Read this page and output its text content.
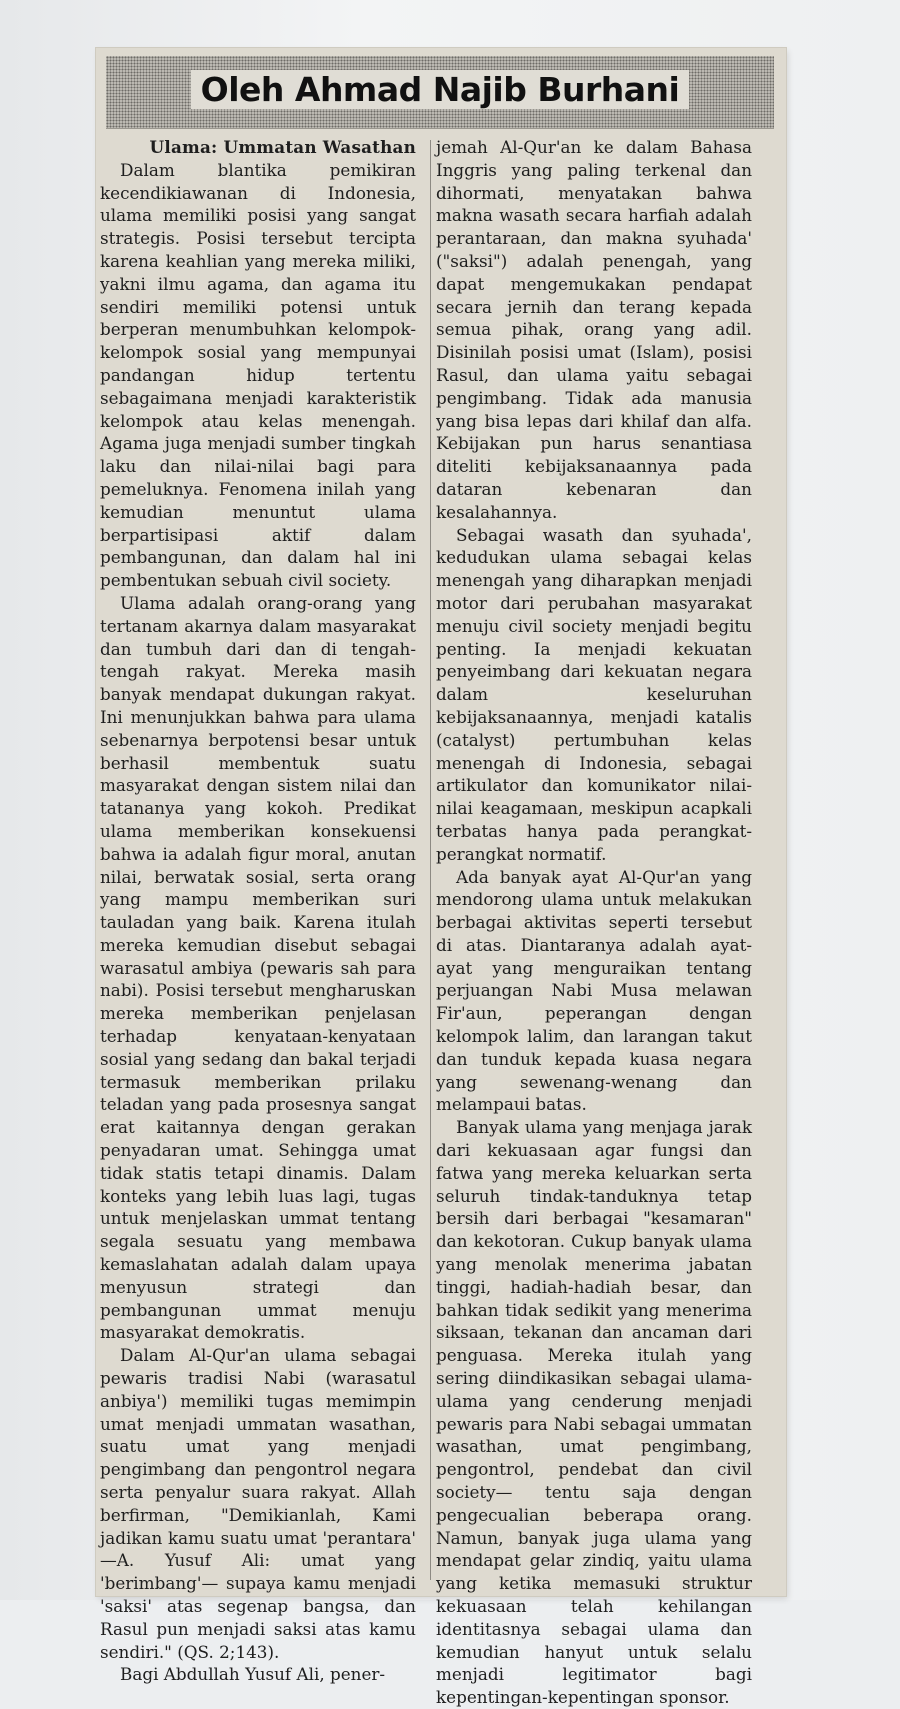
Oleh Ahmad Najib Burhani
Ulama: Ummatan Wasathan

Dalam blantika pemikiran kecendikiawanan di Indonesia, ulama memiliki posisi yang sangat strategis. Posisi tersebut tercipta karena keahlian yang mereka miliki, yakni ilmu agama, dan agama itu sendiri memiliki potensi untuk berperan menumbuhkan kelompok-kelompok sosial yang mempunyai pandangan hidup tertentu sebagaimana menjadi karakteristik kelompok atau kelas menengah. Agama juga menjadi sumber tingkah laku dan nilai-nilai bagi para pemeluknya. Fenomena inilah yang kemudian menuntut ulama berpartisipasi aktif dalam pembangunan, dan dalam hal ini pembentukan sebuah civil society.

Ulama adalah orang-orang yang tertanam akarnya dalam masyarakat dan tumbuh dari dan di tengah-tengah rakyat. Mereka masih banyak mendapat dukungan rakyat. Ini menunjukkan bahwa para ulama sebenarnya berpotensi besar untuk berhasil membentuk suatu masyarakat dengan sistem nilai dan tatananya yang kokoh. Predikat ulama memberikan konsekuensi bahwa ia adalah figur moral, anutan nilai, berwatak sosial, serta orang yang mampu memberikan suri tauladan yang baik. Karena itulah mereka kemudian disebut sebagai warasatul ambiya (pewaris sah para nabi). Posisi tersebut mengharuskan mereka memberikan penjelasan terhadap kenyataan-kenyataan sosial yang sedang dan bakal terjadi termasuk memberikan prilaku teladan yang pada prosesnya sangat erat kaitannya dengan gerakan penyadaran umat. Sehingga umat tidak statis tetapi dinamis. Dalam konteks yang lebih luas lagi, tugas untuk menjelaskan ummat tentang segala sesuatu yang membawa kemaslahatan adalah dalam upaya menyusun strategi dan pembangunan ummat menuju masyarakat demokratis.

Dalam Al-Qur'an ulama sebagai pewaris tradisi Nabi (warasatul anbiya') memiliki tugas memimpin umat menjadi ummatan wasathan, suatu umat yang menjadi pengimbang dan pengontrol negara serta penyalur suara rakyat. Allah berfirman, "Demikianlah, Kami jadikan kamu suatu umat 'perantara' —A. Yusuf Ali: umat yang 'berimbang'— supaya kamu menjadi 'saksi' atas segenap bangsa, dan Rasul pun menjadi saksi atas kamu sendiri." (QS. 2;143).

Bagi Abdullah Yusuf Ali, pener-

jemah Al-Qur'an ke dalam Bahasa Inggris yang paling terkenal dan dihormati, menyatakan bahwa makna wasath secara harfiah adalah perantaraan, dan makna syuhada' ("saksi") adalah penengah, yang dapat mengemukakan pendapat secara jernih dan terang kepada semua pihak, orang yang adil. Disinilah posisi umat (Islam), posisi Rasul, dan ulama yaitu sebagai pengimbang. Tidak ada manusia yang bisa lepas dari khilaf dan alfa. Kebijakan pun harus senantiasa diteliti kebijaksanaannya pada dataran kebenaran dan kesalahannya.

Sebagai wasath dan syuhada', kedudukan ulama sebagai kelas menengah yang diharapkan menjadi motor dari perubahan masyarakat menuju civil society menjadi begitu penting. Ia menjadi kekuatan penyeimbang dari kekuatan negara dalam keseluruhan kebijaksanaannya, menjadi katalis (catalyst) pertumbuhan kelas menengah di Indonesia, sebagai artikulator dan komunikator nilai-nilai keagamaan, meskipun acapkali terbatas hanya pada perangkat-perangkat normatif.

Ada banyak ayat Al-Qur'an yang mendorong ulama untuk melakukan berbagai aktivitas seperti tersebut di atas. Diantaranya adalah ayat-ayat yang menguraikan tentang perjuangan Nabi Musa melawan Fir'aun, peperangan dengan kelompok lalim, dan larangan takut dan tunduk kepada kuasa negara yang sewenang-wenang dan melampaui batas.

Banyak ulama yang menjaga jarak dari kekuasaan agar fungsi dan fatwa yang mereka keluarkan serta seluruh tindak-tanduknya tetap bersih dari berbagai "kesamaran" dan kekotoran. Cukup banyak ulama yang menolak menerima jabatan tinggi, hadiah-hadiah besar, dan bahkan tidak sedikit yang menerima siksaan, tekanan dan ancaman dari penguasa. Mereka itulah yang sering diindikasikan sebagai ulama-ulama yang cenderung menjadi pewaris para Nabi sebagai ummatan wasathan, umat pengimbang, pengontrol, pendebat dan civil society— tentu saja dengan pengecualian beberapa orang. Namun, banyak juga ulama yang mendapat gelar zindiq, yaitu ulama yang ketika memasuki struktur kekuasaan telah kehilangan identitasnya sebagai ulama dan kemudian hanyut untuk selalu menjadi legitimator bagi kepentingan-kepentingan sponsor.
